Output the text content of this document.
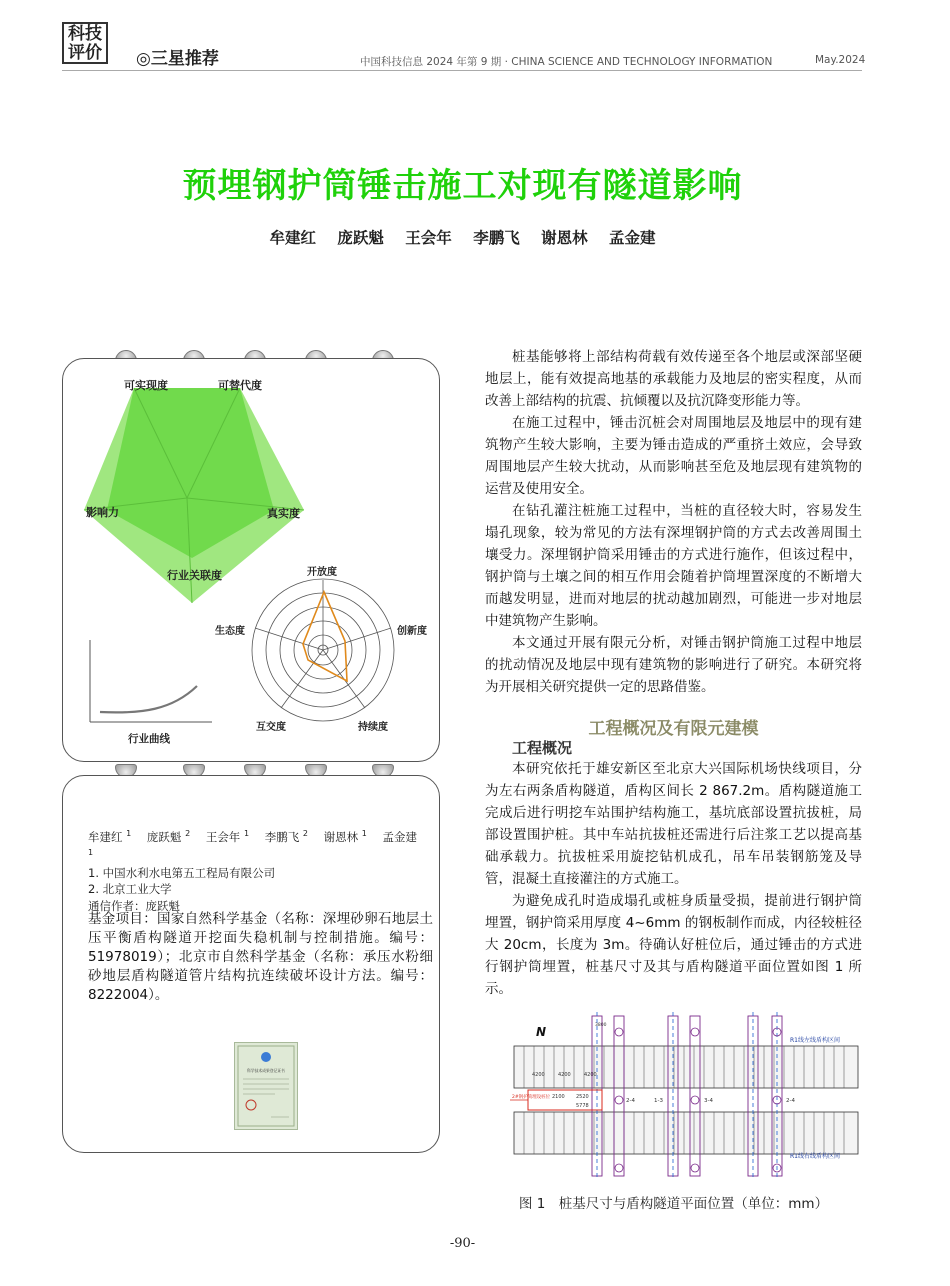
科技
评价 ◎三星推荐	中国科技信息 2024 年第 9 期 · CHINA SCIENCE AND TECHNOLOGY INFORMATION	May.2024
预埋钢护筒锤击施工对现有隧道影响
牟建红 庞跃魁 王会年 李鹏飞 谢恩林 孟金建
可实现度	可替代度
真实度
行业关联度
影响力
开放度
创新度
持续度
互交度
生态度
行业曲线
牟建红 $^1$ 庞跃魁 $^2$ 王会年 $^1$ 李鹏飞 $^2$ 谢恩林 $^1$ 孟金建 $^1$
1. 中国水利水电第五工程局有限公司
2. 北京工业大学
通信作者：庞跃魁
基金项目：国家自然科学基金（名称：深埋砂卵石地层土压平衡盾构隧道开挖面失稳机制与控制措施。编号：51978019）；北京市自然科学基金（名称：承压水粉细砂地层盾构隧道管片结构抗连续破坏设计方法。编号：8222004）。
科学技术成果登记证书

桩基能够将上部结构荷载有效传递至各个地层或深部坚硬地层上，能有效提高地基的承载能力及地层的密实程度，从而改善上部结构的抗震、抗倾覆以及抗沉降变形能力等。

在施工过程中，锤击沉桩会对周围地层及地层中的现有建筑物产生较大影响，主要为锤击造成的严重挤土效应，会导致周围地层产生较大扰动，从而影响甚至危及地层现有建筑物的运营及使用安全。

在钻孔灌注桩施工过程中，当桩的直径较大时，容易发生塌孔现象，较为常见的方法有深埋钢护筒的方式去改善周围土壤受力。深埋钢护筒采用锤击的方式进行施作，但该过程中，钢护筒与土壤之间的相互作用会随着护筒埋置深度的不断增大而越发明显，进而对地层的扰动越加剧烈，可能进一步对地层中建筑物产生影响。

本文通过开展有限元分析，对锤击钢护筒施工过程中地层的扰动情况及地层中现有建筑物的影响进行了研究。本研究将为开展相关研究提供一定的思路借鉴。

工程概况及有限元建模
工程概况

本研究依托于雄安新区至北京大兴国际机场快线项目，分为左右两条盾构隧道，盾构区间长 2 867.2m。盾构隧道施工完成后进行明挖车站围护结构施工，基坑底部设置抗拔桩，局部设置围护桩。其中车站抗拔桩还需进行后注浆工艺以提高基础承载力。抗拔桩采用旋挖钻机成孔，吊车吊装钢筋笼及导管，混凝土直接灌注的方式施工。

为避免成孔时造成塌孔或桩身质量受损，提前进行钢护筒埋置，钢护筒采用厚度 4~6mm 的钢板制作而成，内径较桩径大 20cm，长度为 3m。待确认好桩位后，通过锤击的方式进行钢护筒埋置，桩基尺寸及其与盾构隧道平面位置如图 1 所示。

N
4200	4200	4200
2100 2520
5778
3800
2#钢护筒埋设桩位
2-4	1-3	3-4	2-4
R1线左线盾构区间
R1线右线盾构区间
图 1　桩基尺寸与盾构隧道平面位置（单位：mm）
-90-
